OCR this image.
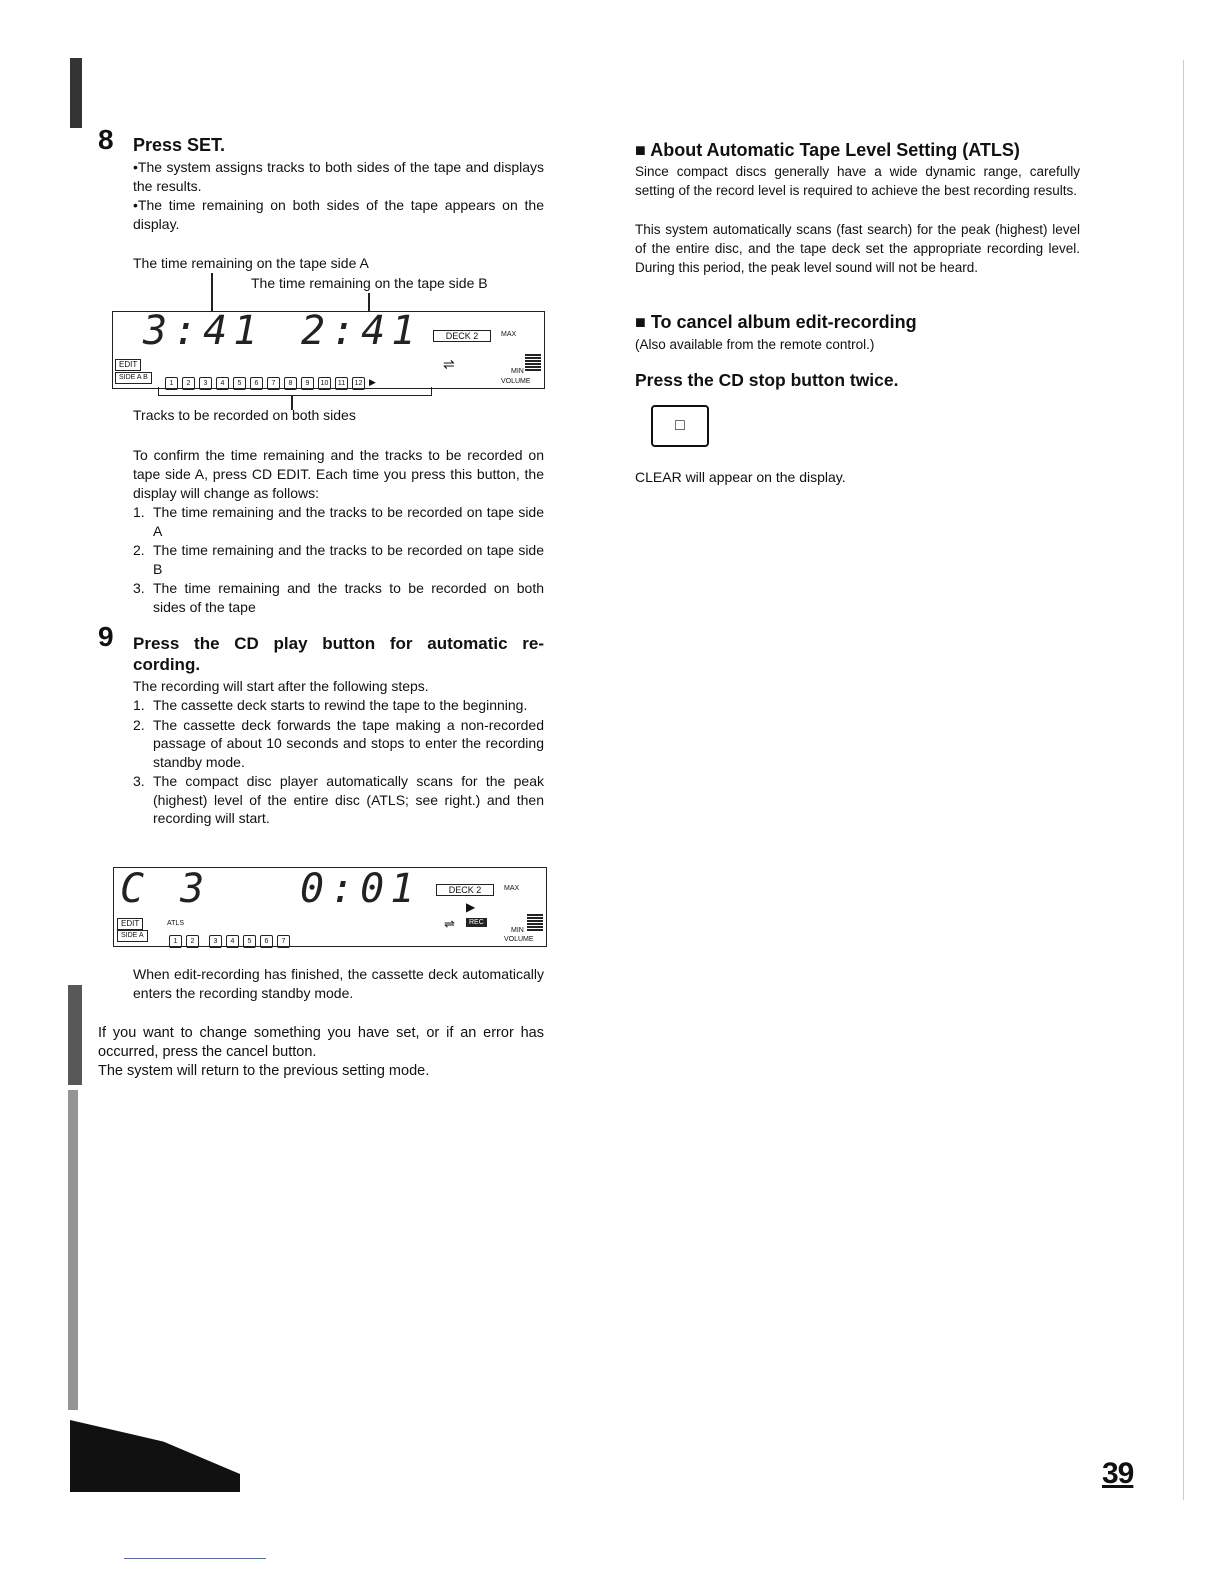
8 Press SET.
•The system assigns tracks to both sides of the tape and displays the results.
•The time remaining on both sides of the tape appears on the display.
The time remaining on the tape side A
The time remaining on the tape side B
3:41 2:41	DECK 2	MAX
⇌	MIN
VOLUME
EDIT
SIDE A B
1 2 3 4 5 6 7 8 9 10 11 12 ▶
Tracks to be recorded on both sides
To confirm the time remaining and the tracks to be recorded on tape side A, press CD EDIT. Each time you press this button, the display will change as follows:
1. The time remaining and the tracks to be recorded on tape side A
2. The time remaining and the tracks to be recorded on tape side B
3. The time remaining and the tracks to be recorded on both sides of the tape
9 Press the CD play button for automatic re-
cording.
The recording will start after the following steps.
1. The cassette deck starts to rewind the tape to the beginning.
2. The cassette deck forwards the tape making a non-recorded passage of about 10 seconds and stops to enter the recording standby mode.
3. The compact disc player automatically scans for the peak (highest) level of the entire disc (ATLS; see right.) and then recording will start.
C 3 0:01	DECK 2	MAX
▶
⇌	REC
MIN
VOLUME
EDIT	ATLS
SIDE A
1 2	3 4 5 6 7
When edit-recording has finished, the cassette deck automatically enters the recording standby mode.
If you want to change something you have set, or if an error has occurred, press the cancel button.
The system will return to the previous setting mode.
■ About Automatic Tape Level Setting (ATLS)
Since compact discs generally have a wide dynamic range, carefully setting of the record level is required to achieve the best recording results.
This system automatically scans (fast search) for the peak (highest) level of the entire disc, and the tape deck set the appropriate recording level. During this period, the peak level sound will not be heard.
■ To cancel album edit-recording
(Also available from the remote control.)
Press the CD stop button twice.
□
CLEAR will appear on the display.
39
